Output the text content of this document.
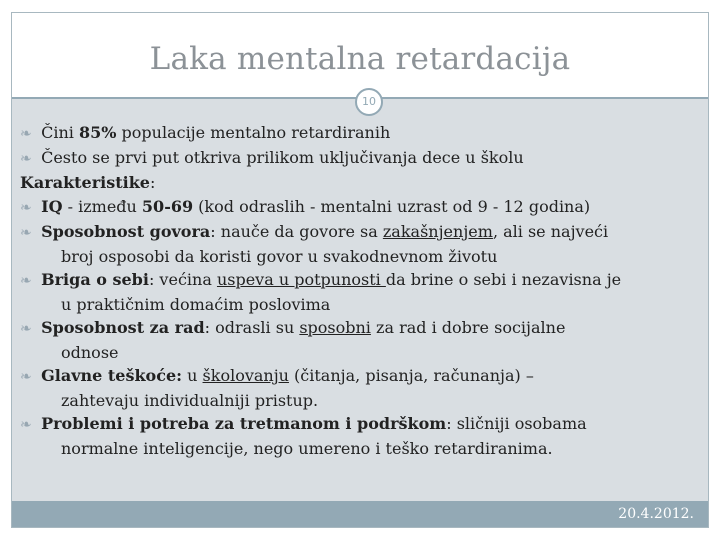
Laka mentalna retardacija
10
20.4.2012.
❧ Čini 85% populacije mentalno retardiranih
❧ Često se prvi put otkriva prilikom uključivanja dece u školu
Karakteristike:
❧ IQ - između 50-69 (kod odraslih - mentalni uzrast od 9 - 12 godina)
❧ Sposobnost govora: nauče da govore sa zakašnjenjem, ali se najveći
broj osposobi da koristi govor u svakodnevnom životu
❧ Briga o sebi: većina uspeva u potpunosti da brine o sebi i nezavisna je
u praktičnim domaćim poslovima
❧ Sposobnost za rad: odrasli su sposobni za rad i dobre socijalne
odnose
❧ Glavne teškoće: u školovanju (čitanja, pisanja, računanja) –
zahtevaju individualniji pristup.
❧ Problemi i potreba za tretmanom i podrškom: sličniji osobama
normalne inteligencije, nego umereno i teško retardiranima.
